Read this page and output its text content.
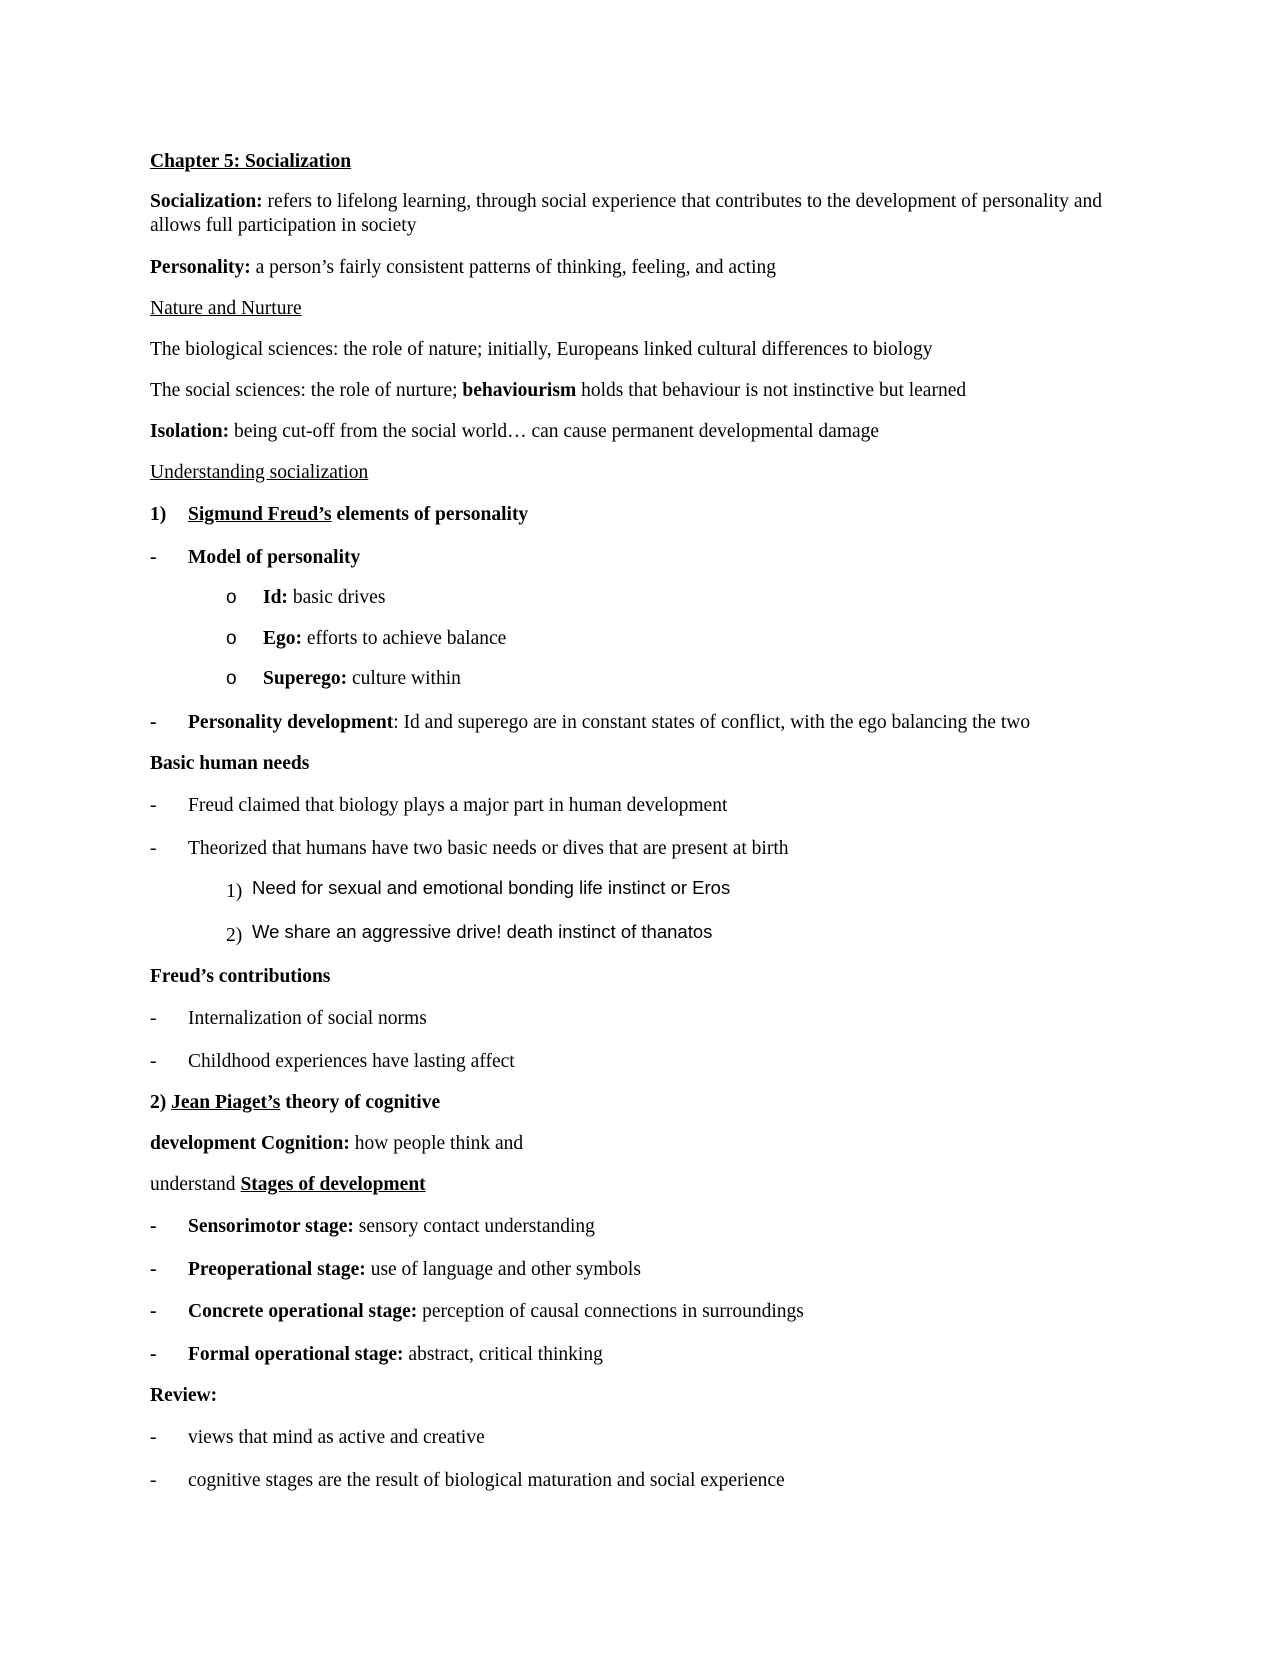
Chapter 5: Socialization
Socialization: refers to lifelong learning, through social experience that contributes to the development of personality and allows full participation in society
Personality: a person’s fairly consistent patterns of thinking, feeling, and acting
Nature and Nurture
The biological sciences: the role of nature; initially, Europeans linked cultural differences to biology
The social sciences: the role of nurture; behaviourism holds that behaviour is not instinctive but learned
Isolation: being cut-off from the social world… can cause permanent developmental damage
Understanding socialization
1) Sigmund Freud’s elements of personality
- Model of personality
o Id: basic drives
o Ego: efforts to achieve balance
o Superego: culture within
- Personality development: Id and superego are in constant states of conflict, with the ego balancing the two
Basic human needs
- Freud claimed that biology plays a major part in human development
- Theorized that humans have two basic needs or dives that are present at birth
1) Need for sexual and emotional bonding life instinct or Eros
2) We share an aggressive drive! death instinct of thanatos
Freud’s contributions
- Internalization of social norms
- Childhood experiences have lasting affect
2) Jean Piaget’s theory of cognitive
development Cognition: how people think and
understand Stages of development
- Sensorimotor stage: sensory contact understanding
- Preoperational stage: use of language and other symbols
- Concrete operational stage: perception of causal connections in surroundings
- Formal operational stage: abstract, critical thinking
Review:
- views that mind as active and creative
- cognitive stages are the result of biological maturation and social experience
